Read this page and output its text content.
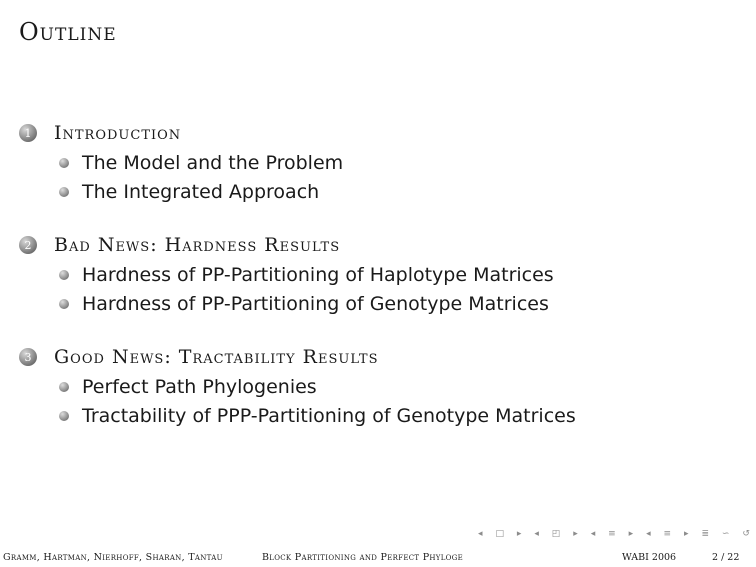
Outline
1 Introduction
The Model and the Problem
The Integrated Approach
2 Bad News: Hardness Results
Hardness of PP-Partitioning of Haplotype Matrices
Hardness of PP-Partitioning of Genotype Matrices
3 Good News: Tractability Results
Perfect Path Phylogenies
Tractability of PPP-Partitioning of Genotype Matrices
◂ □ ▸ ◂ ◰ ▸ ◂ ≡ ▸ ◂ ≡ ▸ ≣ ∽ ↺
Gramm, Hartman, Nierhoff, Sharan, Tantau	Block Partitioning and Perfect Phyloge	WABI 2006	2 / 22
